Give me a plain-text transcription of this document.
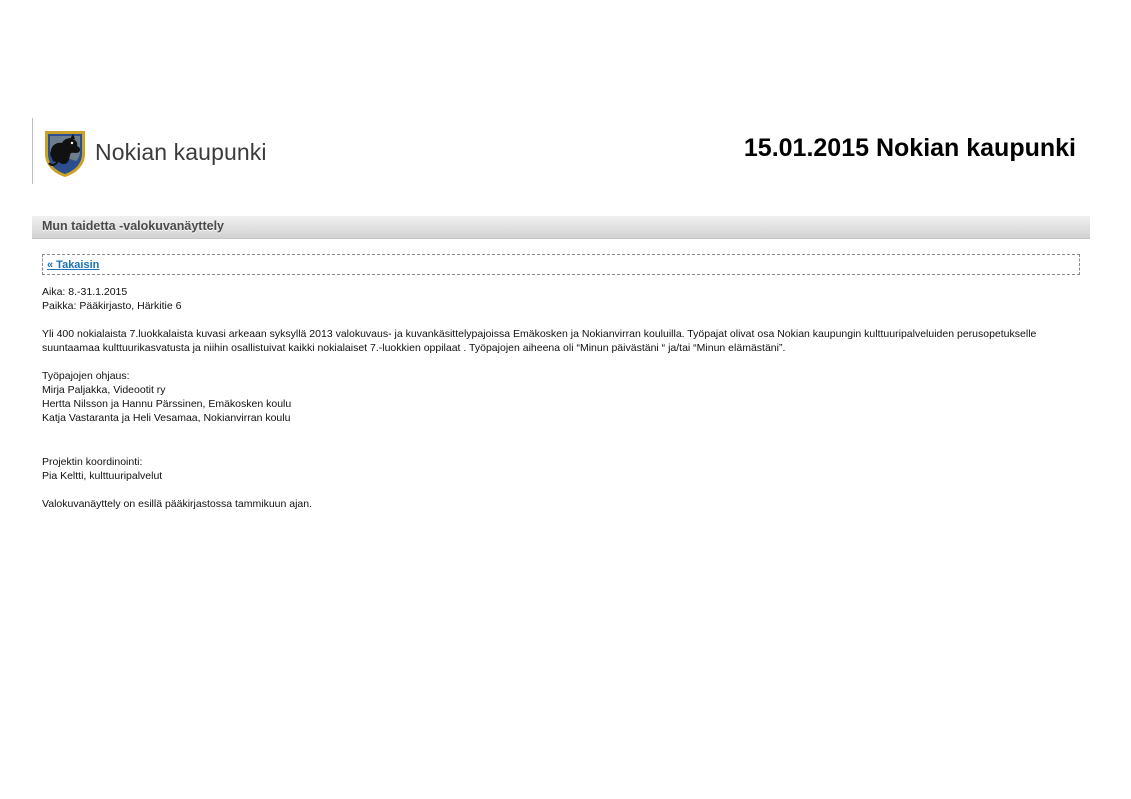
Nokian kaupunki	15.01.2015 Nokian kaupunki
Mun taidetta -valokuvanäyttely
« Takaisin

Aika: 8.-31.1.2015

Paikka: Pääkirjasto, Härkitie 6

Yli 400 nokialaista 7.luokkalaista kuvasi arkeaan syksyllä 2013 valokuvaus- ja kuvankäsittelypajoissa Emäkosken ja Nokianvirran kouluilla. Työpajat olivat osa Nokian kaupungin kulttuuripalveluiden perusopetukselle

suuntaamaa kulttuurikasvatusta ja niihin osallistuivat kaikki nokialaiset 7.-luokkien oppilaat . Työpajojen aiheena oli “Minun päivästäni “ ja/tai “Minun elämästäni”.

Työpajojen ohjaus:

Mirja Paljakka, Videootit ry

Hertta Nilsson ja Hannu Pärssinen, Emäkosken koulu

Katja Vastaranta ja Heli Vesamaa, Nokianvirran koulu

Projektin koordinointi:

Pia Keltti, kulttuuripalvelut

Valokuvanäyttely on esillä pääkirjastossa tammikuun ajan.
